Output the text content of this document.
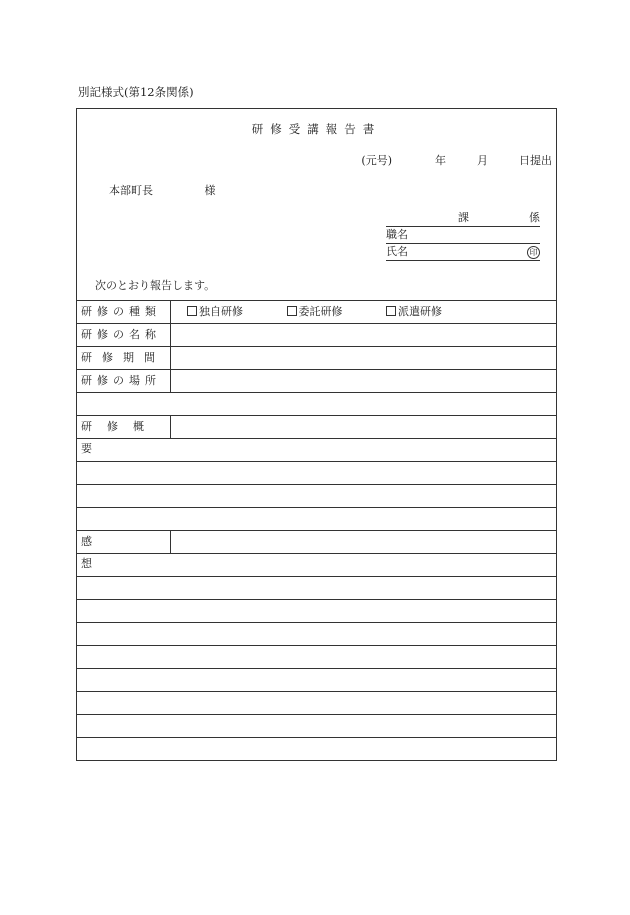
別記様式(第12条関係)
研修受講報告書
(元号)	年	月	日提出
本部町長	様
課	係
職名
氏名	印
次のとおり報告します。
研修の種類	独自研修	委託研修	派遣研修
研修の名称
研修期間
研修の場所
研修概要
感想
